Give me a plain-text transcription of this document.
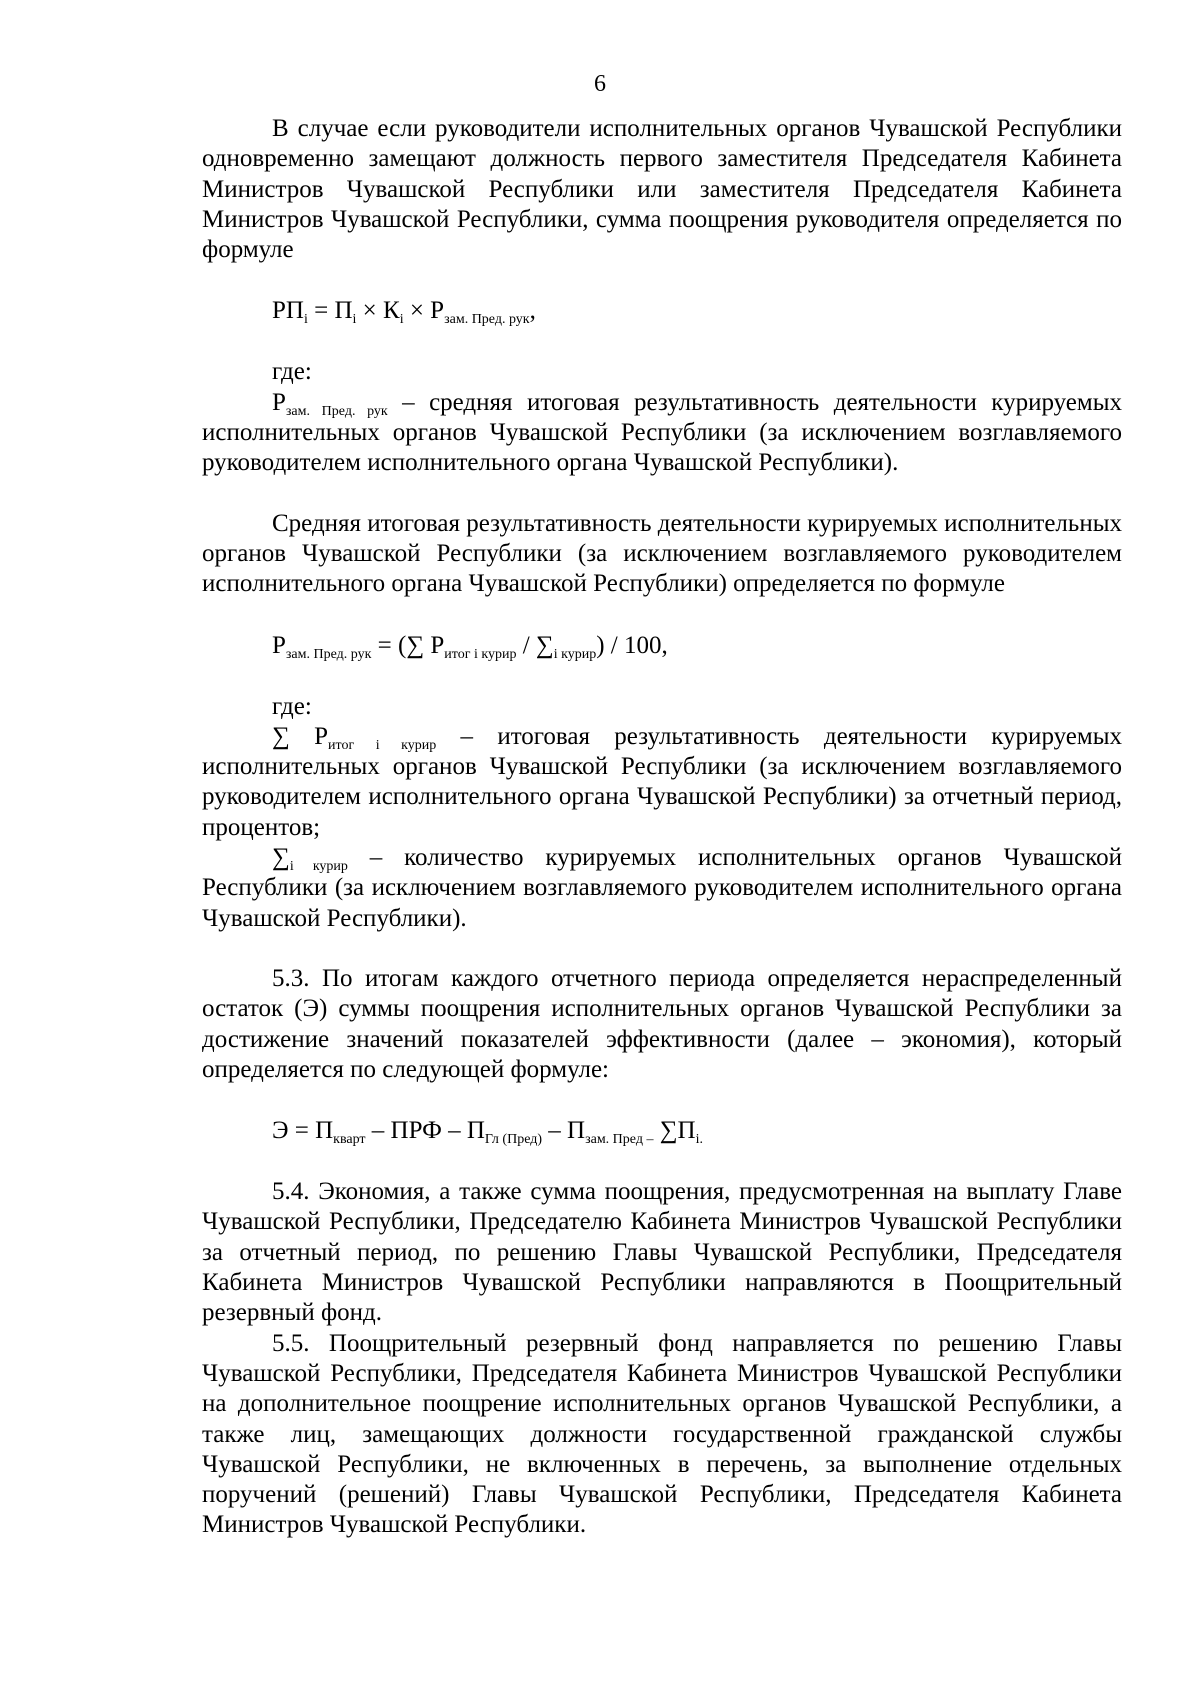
6

В случае если руководители исполнительных органов Чувашской Республики одновременно замещают должность первого заместителя Председателя Кабинета Министров Чувашской Республики или заместителя Председателя Кабинета Министров Чувашской Республики, сумма поощрения руководителя определяется по формуле

$РП_i = П_i \times К_i \times Р_{зам. Пред. рук}$,

где:

$Р_{зам. Пред. рук}$ – средняя итоговая результативность деятельности курируемых исполнительных органов Чувашской Республики (за исключением возглавляемого руководителем исполнительного органа Чувашской Республики).

Средняя итоговая результативность деятельности курируемых исполнительных органов Чувашской Республики (за исключением возглавляемого руководителем исполнительного органа Чувашской Республики) определяется по формуле

$Р_{зам. Пред. рук}$ = (∑ $Р_{итог i курир} / \sum_{i курир}) / 100$,

где:

∑ $Р_{итог i курир}$ – итоговая результативность деятельности курируемых исполнительных органов Чувашской Республики (за исключением возглавляемого руководителем исполнительного органа Чувашской Республики) за отчетный период, процентов;

$\sum_{i курир}$ – количество курируемых исполнительных органов Чувашской Республики (за исключением возглавляемого руководителем исполнительного органа Чувашской Республики).

5.3. По итогам каждого отчетного периода определяется нераспределенный остаток (Э) суммы поощрения исполнительных органов Чувашской Республики за достижение значений показателей эффективности (далее – экономия), который определяется по следующей формуле:

$Э = П_{кварт}$ – ПРФ – $П_{Гл (Пред)} - П_{зам. Пред -}$ $\sum П_{i.}$

5.4. Экономия, а также сумма поощрения, предусмотренная на выплату Главе Чувашской Республики, Председателю Кабинета Министров Чувашской Республики за отчетный период, по решению Главы Чувашской Республики, Председателя Кабинета Министров Чувашской Республики направляются в Поощрительный резервный фонд.

5.5. Поощрительный резервный фонд направляется по решению Главы Чувашской Республики, Председателя Кабинета Министров Чувашской Республики на дополнительное поощрение исполнительных органов Чувашской Республики, а также лиц, замещающих должности государственной гражданской службы Чувашской Республики, не включенных в перечень, за выполнение отдельных поручений (решений) Главы Чувашской Республики, Председателя Кабинета Министров Чувашской Республики.
